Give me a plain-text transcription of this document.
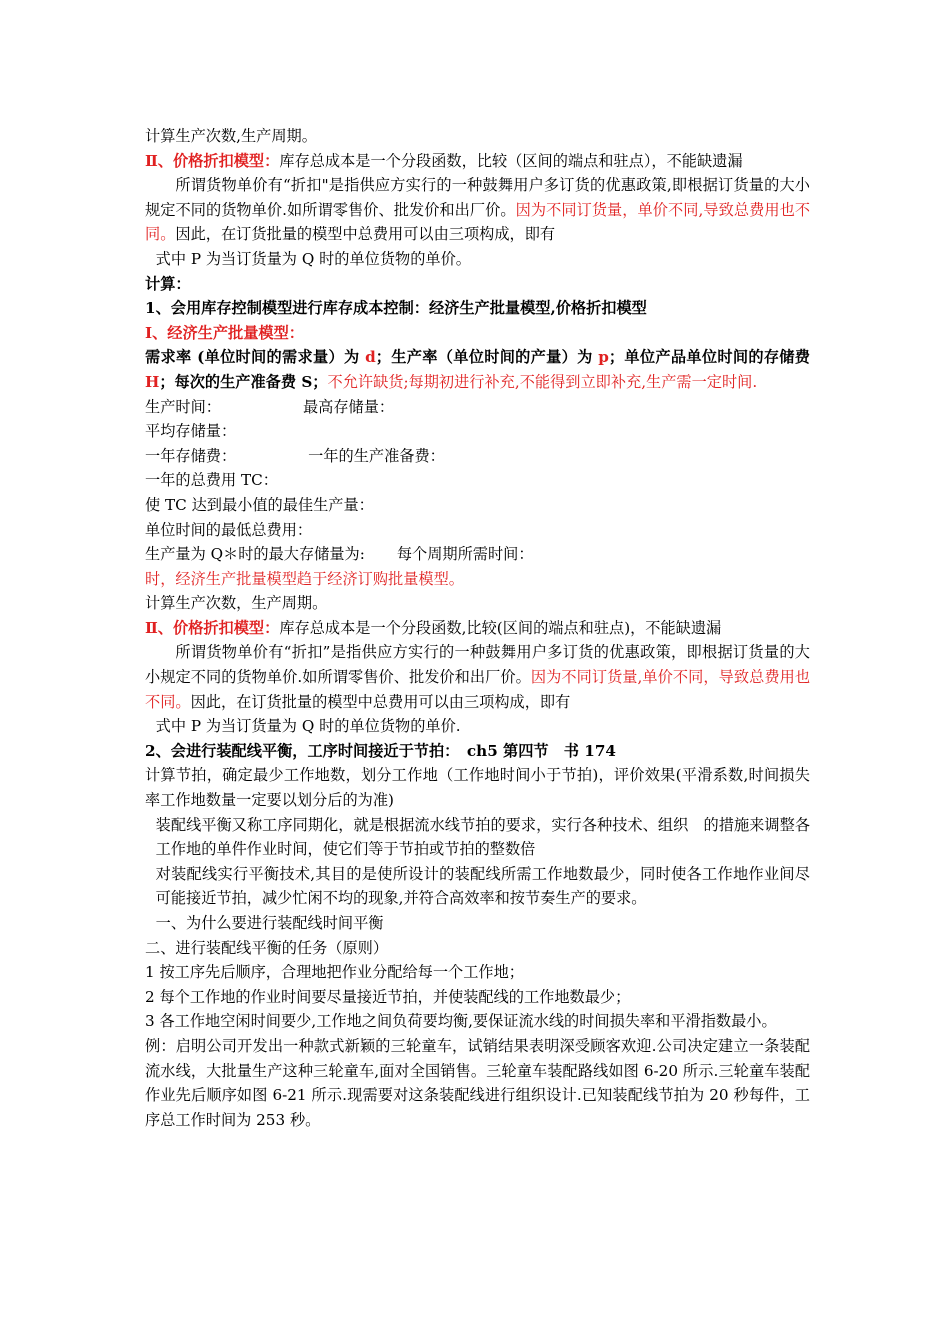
计算生产次数,生产周期。

Ⅱ、价格折扣模型：库存总成本是一个分段函数，比较（区间的端点和驻点），不能缺遗漏

所谓货物单价有“折扣"是指供应方实行的一种鼓舞用户多订货的优惠政策,即根据订货量的大小规定不同的货物单价.如所谓零售价、批发价和出厂价。因为不同订货量，单价不同,导致总费用也不同。因此，在订货批量的模型中总费用可以由三项构成，即有

式中 P 为当订货量为 Q 时的单位货物的单价。

计算：

1、会用库存控制模型进行库存成本控制：经济生产批量模型,价格折扣模型

Ⅰ、经济生产批量模型：

需求率 (单位时间的需求量）为 d；生产率（单位时间的产量）为 p；单位产品单位时间的存储费 H；每次的生产准备费 S；不允许缺货;每期初进行补充,不能得到立即补充,生产需一定时间.

生产时间：	最高存储量：

平均存储量：

一年存储费：	一年的生产准备费：

一年的总费用 TC：

使 TC 达到最小值的最佳生产量：

单位时间的最低总费用：

生产量为 Q＊时的最大存储量为: 每个周期所需时间：

时，经济生产批量模型趋于经济订购批量模型。

计算生产次数，生产周期。

Ⅱ、价格折扣模型：库存总成本是一个分段函数,比较(区间的端点和驻点)，不能缺遗漏

所谓货物单价有“折扣”是指供应方实行的一种鼓舞用户多订货的优惠政策，即根据订货量的大小规定不同的货物单价.如所谓零售价、批发价和出厂价。因为不同订货量,单价不同，导致总费用也不同。因此，在订货批量的模型中总费用可以由三项构成，即有

式中 P 为当订货量为 Q 时的单位货物的单价.

2、会进行装配线平衡，工序时间接近于节拍：　ch5 第四节　书 174

计算节拍，确定最少工作地数，划分工作地（工作地时间小于节拍)，评价效果(平滑系数,时间损失率工作地数量一定要以划分后的为准)

装配线平衡又称工序同期化，就是根据流水线节拍的要求，实行各种技术、组织　的措施来调整各工作地的单件作业时间，使它们等于节拍或节拍的整数倍

对装配线实行平衡技术,其目的是使所设计的装配线所需工作地数最少，同时使各工作地作业间尽可能接近节拍，减少忙闲不均的现象,并符合高效率和按节奏生产的要求。

一、为什么要进行装配线时间平衡

二、进行装配线平衡的任务（原则）

1 按工序先后顺序，合理地把作业分配给每一个工作地；

2 每个工作地的作业时间要尽量接近节拍，并使装配线的工作地数最少；

3 各工作地空闲时间要少,工作地之间负荷要均衡,要保证流水线的时间损失率和平滑指数最小。

例：启明公司开发出一种款式新颖的三轮童车，试销结果表明深受顾客欢迎.公司决定建立一条装配流水线，大批量生产这种三轮童车,面对全国销售。三轮童车装配路线如图 6-20 所示.三轮童车装配作业先后顺序如图 6-21 所示.现需要对这条装配线进行组织设计.已知装配线节拍为 20 秒每件，工序总工作时间为 253 秒。
